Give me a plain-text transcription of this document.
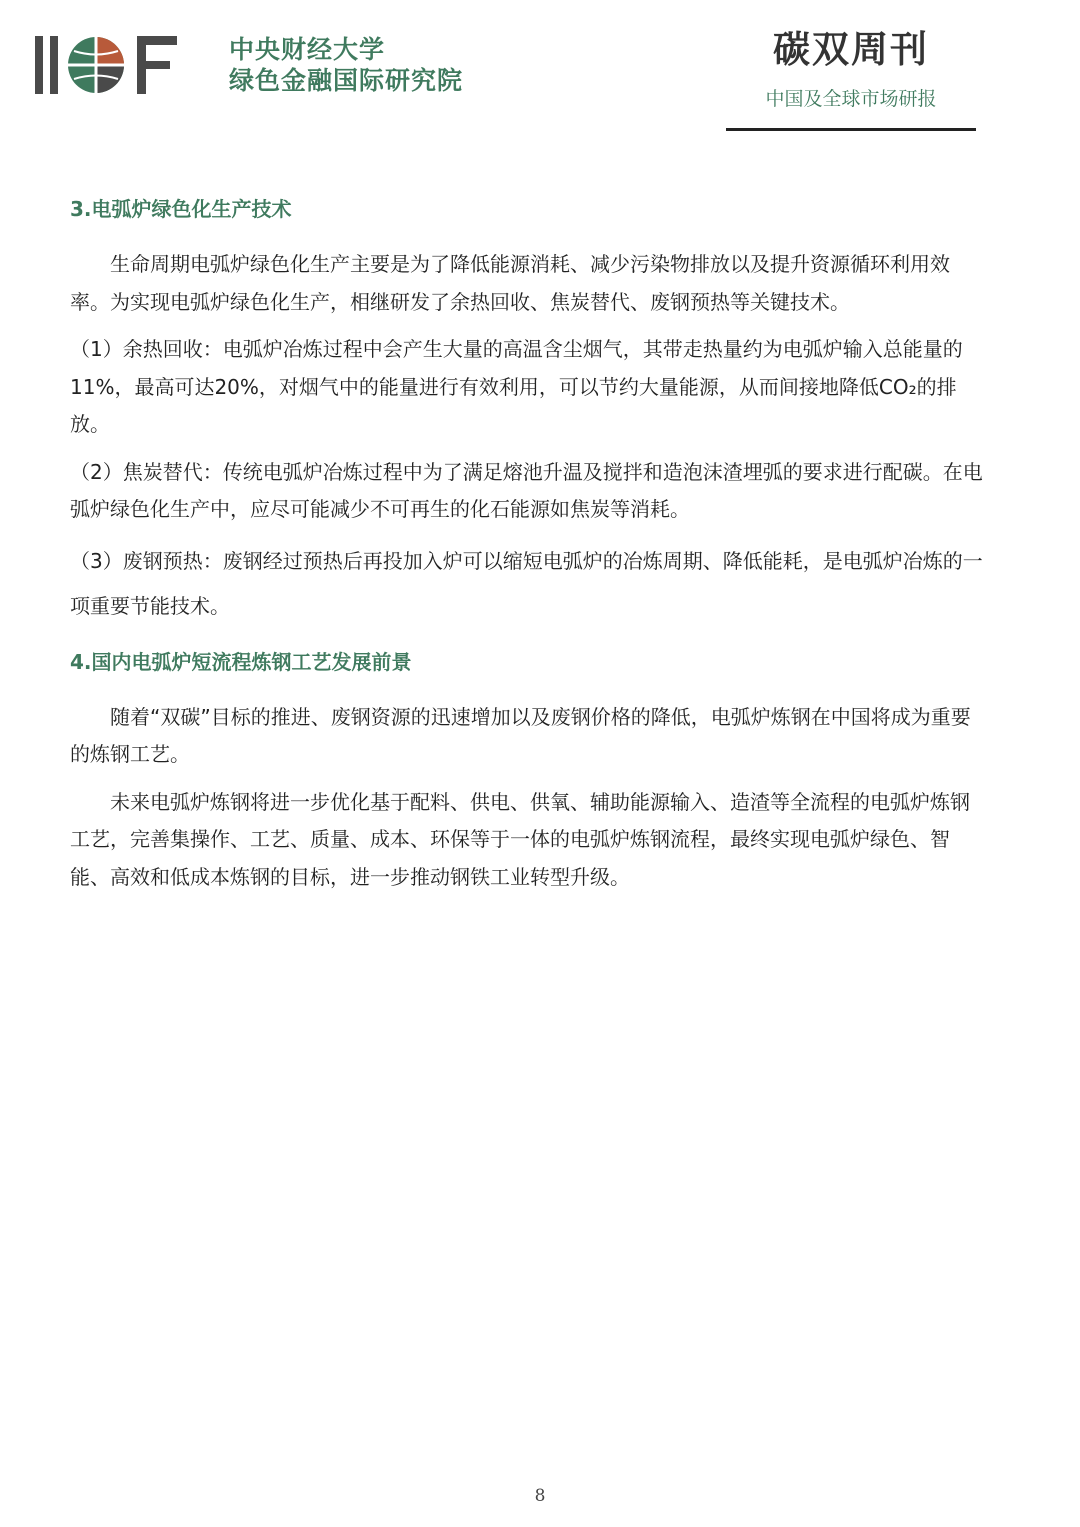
中央财经大学
绿色金融国际研究院
碳双周刊
中国及全球市场研报
3.电弧炉绿色化生产技术

生命周期电弧炉绿色化生产主要是为了降低能源消耗、减少污染物排放以及提升资源循环利用效率。为实现电弧炉绿色化生产，相继研发了余热回收、焦炭替代、废钢预热等关键技术。

（1）余热回收：电弧炉冶炼过程中会产生大量的高温含尘烟气，其带走热量约为电弧炉输入总能量的11%，最高可达20%，对烟气中的能量进行有效利用，可以节约大量能源，从而间接地降低CO₂的排放。

（2）焦炭替代：传统电弧炉冶炼过程中为了满足熔池升温及搅拌和造泡沫渣埋弧的要求进行配碳。在电弧炉绿色化生产中，应尽可能减少不可再生的化石能源如焦炭等消耗。

（3）废钢预热：废钢经过预热后再投加入炉可以缩短电弧炉的冶炼周期、降低能耗，是电弧炉冶炼的一项重要节能技术。

4.国内电弧炉短流程炼钢工艺发展前景

随着“双碳”目标的推进、废钢资源的迅速增加以及废钢价格的降低，电弧炉炼钢在中国将成为重要的炼钢工艺。

未来电弧炉炼钢将进一步优化基于配料、供电、供氧、辅助能源输入、造渣等全流程的电弧炉炼钢工艺，完善集操作、工艺、质量、成本、环保等于一体的电弧炉炼钢流程，最终实现电弧炉绿色、智能、高效和低成本炼钢的目标，进一步推动钢铁工业转型升级。

8
